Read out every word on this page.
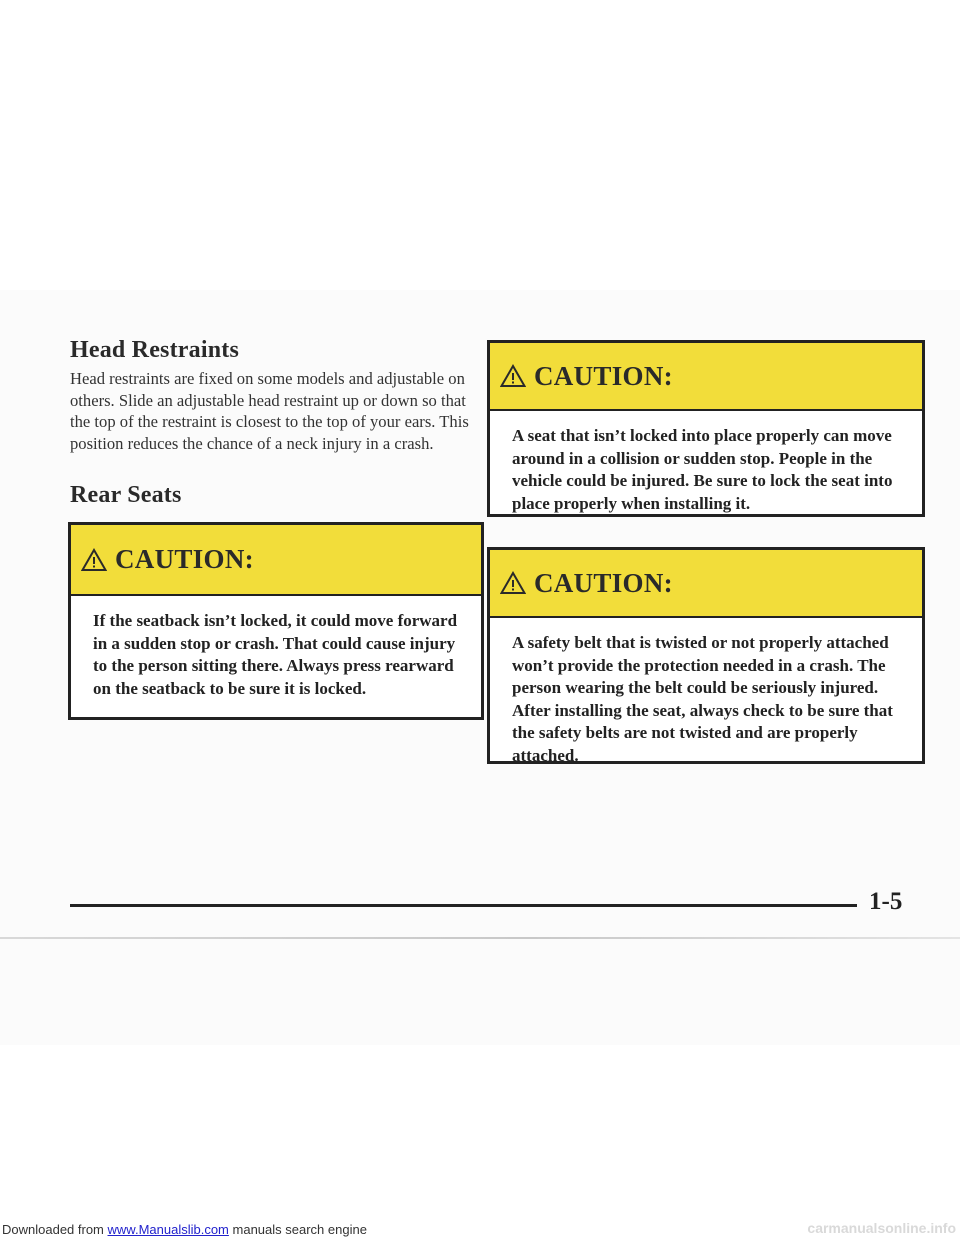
Head Restraints

Head restraints are fixed on some models and adjustable on others. Slide an adjustable head restraint up or down so that the top of the restraint is closest to the top of your ears. This position reduces the chance of a neck injury in a crash.

Rear Seats
CAUTION:

If the seatback isn’t locked, it could move forward in a sudden stop or crash. That could cause injury to the person sitting there. Always press rearward on the seatback to be sure it is locked.

CAUTION:

A seat that isn’t locked into place properly can move around in a collision or sudden stop. People in the vehicle could be injured. Be sure to lock the seat into place properly when installing it.

CAUTION:

A safety belt that is twisted or not properly attached won’t provide the protection needed in a crash. The person wearing the belt could be seriously injured. After installing the seat, always check to be sure that the safety belts are not twisted and are properly attached.

1-5

Downloaded from www.Manualslib.com manuals search engine	carmanualsonline.info
